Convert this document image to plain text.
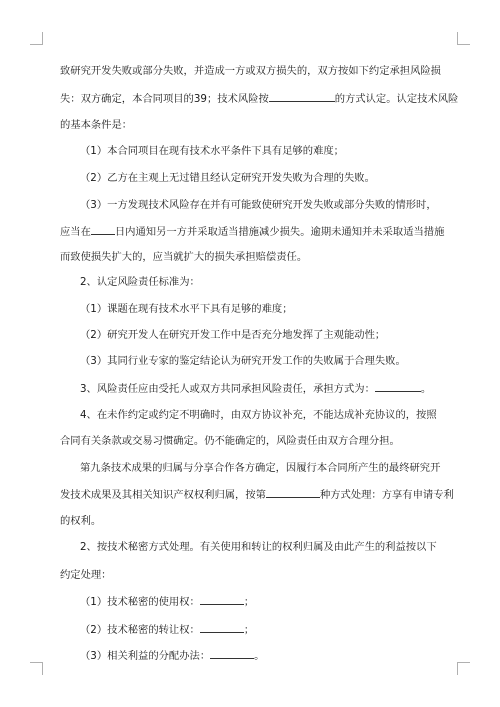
致研究开发失败或部分失败，并造成一方或双方损失的，双方按如下约定承担风险损
失：双方确定，本合同项目的39；技术风险按	的方式认定。认定技术风险
的基本条件是：
（1）本合同项目在现有技术水平条件下具有足够的难度；
（2）乙方在主观上无过错且经认定研究开发失败为合理的失败。
（3）一方发现技术风险存在并有可能致使研究开发失败或部分失败的情形时，
应当在 日内通知另一方并采取适当措施减少损失。逾期未通知并未采取适当措施
而致使损失扩大的，应当就扩大的损失承担赔偿责任。
2、认定风险责任标准为：
（1）课题在现有技术水平下具有足够的难度；
（2）研究开发人在研究开发工作中是否充分地发挥了主观能动性；
（3）其同行业专家的鉴定结论认为研究开发工作的失败属于合理失败。
3、风险责任应由受托人或双方共同承担风险责任，承担方式为：	。
4、在未作约定或约定不明确时，由双方协议补充，不能达成补充协议的，按照
合同有关条款或交易习惯确定。仍不能确定的，风险责任由双方合理分担。
第九条技术成果的归属与分享合作各方确定，因履行本合同所产生的最终研究开
发技术成果及其相关知识产权权利归属，按第	种方式处理：方享有申请专利
的权利。
2、按技术秘密方式处理。有关使用和转让的权利归属及由此产生的利益按以下
约定处理：
（1）技术秘密的使用权：	；
（2）技术秘密的转让权：	；
（3）相关利益的分配办法：	。
